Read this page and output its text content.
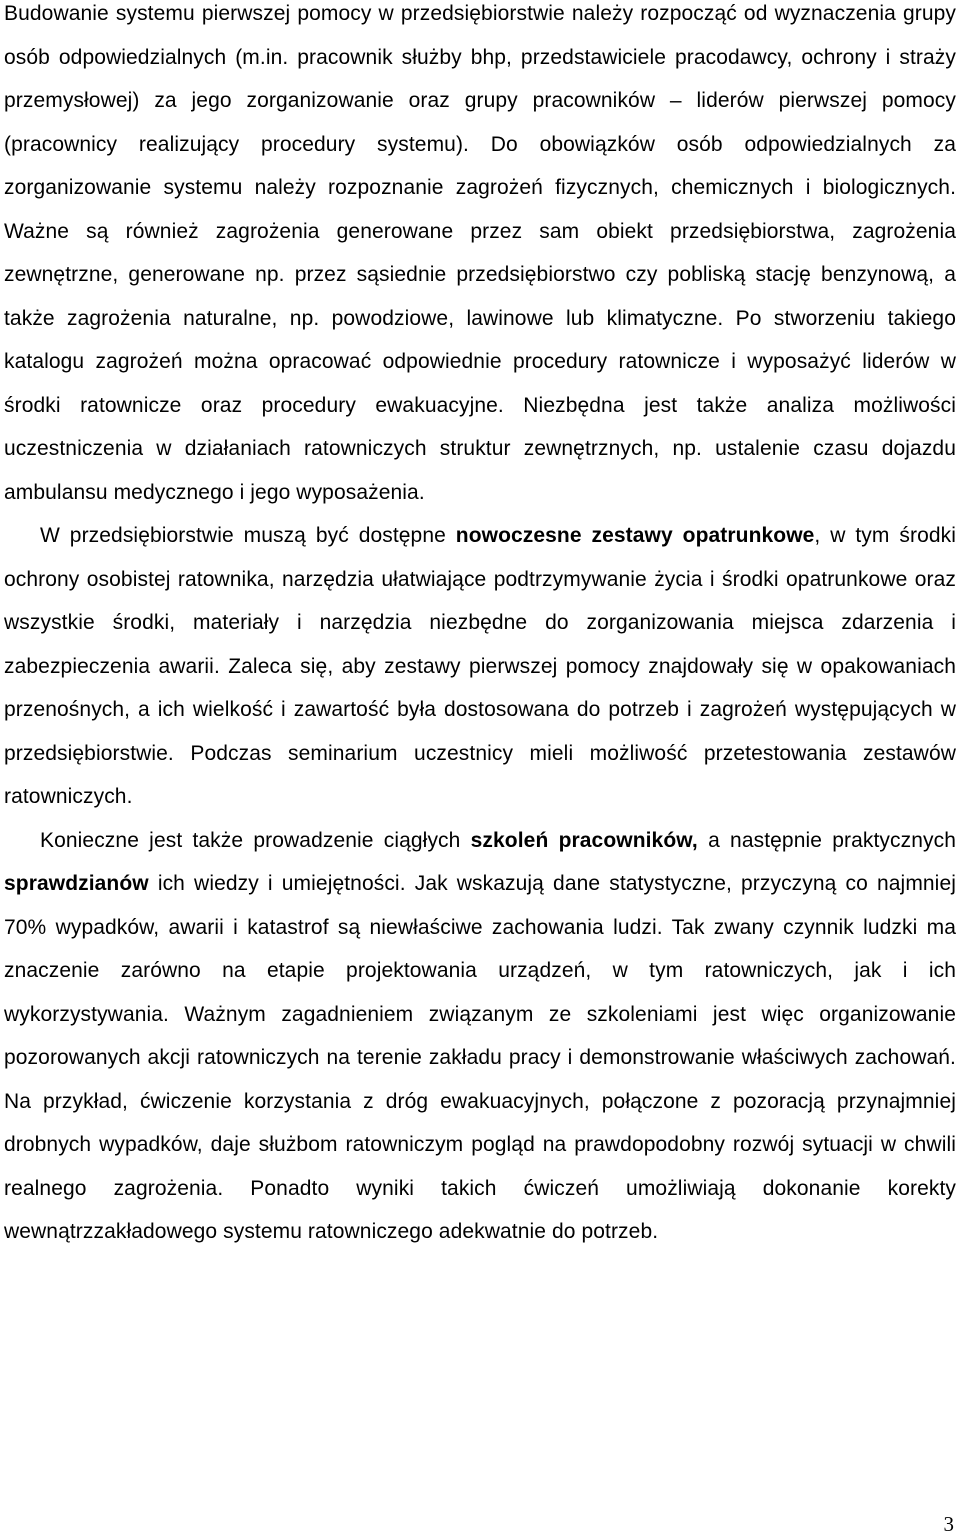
Budowanie systemu pierwszej pomocy w przedsiębiorstwie należy rozpocząć od wyznaczenia grupy osób odpowiedzialnych (m.in. pracownik służby bhp, przedstawiciele pracodawcy, ochrony i straży przemysłowej) za jego zorganizowanie oraz grupy pracowników – liderów pierwszej pomocy (pracownicy realizujący procedury systemu). Do obowiązków osób odpowiedzialnych za zorganizowanie systemu należy rozpoznanie zagrożeń fizycznych, chemicznych i biologicznych. Ważne są również zagrożenia generowane przez sam obiekt przedsiębiorstwa, zagrożenia zewnętrzne, generowane np. przez sąsiednie przedsiębiorstwo czy pobliską stację benzynową, a także zagrożenia naturalne, np. powodziowe, lawinowe lub klimatyczne. Po stworzeniu takiego katalogu zagrożeń można opracować odpowiednie procedury ratownicze i wyposażyć liderów w środki ratownicze oraz procedury ewakuacyjne. Niezbędna jest także analiza możliwości uczestniczenia w działaniach ratowniczych struktur zewnętrznych, np. ustalenie czasu dojazdu ambulansu medycznego i jego wyposażenia.

W przedsiębiorstwie muszą być dostępne nowoczesne zestawy opatrunkowe, w tym środki ochrony osobistej ratownika, narzędzia ułatwiające podtrzymywanie życia i środki opatrunkowe oraz wszystkie środki, materiały i narzędzia niezbędne do zorganizowania miejsca zdarzenia i zabezpieczenia awarii. Zaleca się, aby zestawy pierwszej pomocy znajdowały się w opakowaniach przenośnych, a ich wielkość i zawartość była dostosowana do potrzeb i zagrożeń występujących w przedsiębiorstwie. Podczas seminarium uczestnicy mieli możliwość przetestowania zestawów ratowniczych.

Konieczne jest także prowadzenie ciągłych szkoleń pracowników, a następnie praktycznych sprawdzianów ich wiedzy i umiejętności. Jak wskazują dane statystyczne, przyczyną co najmniej 70% wypadków, awarii i katastrof są niewłaściwe zachowania ludzi. Tak zwany czynnik ludzki ma znaczenie zarówno na etapie projektowania urządzeń, w tym ratowniczych, jak i ich wykorzystywania. Ważnym zagadnieniem związanym ze szkoleniami jest więc organizowanie pozorowanych akcji ratowniczych na terenie zakładu pracy i demonstrowanie właściwych zachowań. Na przykład, ćwiczenie korzystania z dróg ewakuacyjnych, połączone z pozoracją przynajmniej drobnych wypadków, daje służbom ratowniczym pogląd na prawdopodobny rozwój sytuacji w chwili realnego zagrożenia. Ponadto wyniki takich ćwiczeń umożliwiają dokonanie korekty wewnątrzzakładowego systemu ratowniczego adekwatnie do potrzeb.

3
